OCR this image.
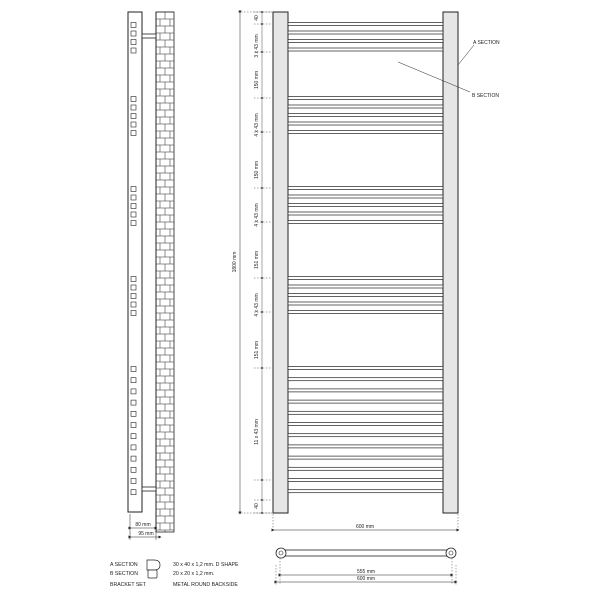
80 mm
95 mm
1800 mm
40
3 x 43 mm
150 mm
4 x 43 mm
150 mm
4 x 43 mm
151 mm
4 x 43 mm
151 mm
11 x 43 mm
40
A SECTION
B SECTION
600 mm
555 mm
600 mm
A SECTION	30 x 40 x 1,2 mm. D SHAPE
B SECTION	20 x 20 x 1,2 mm.
BRACKET SET	METAL ROUND BACKSIDE
